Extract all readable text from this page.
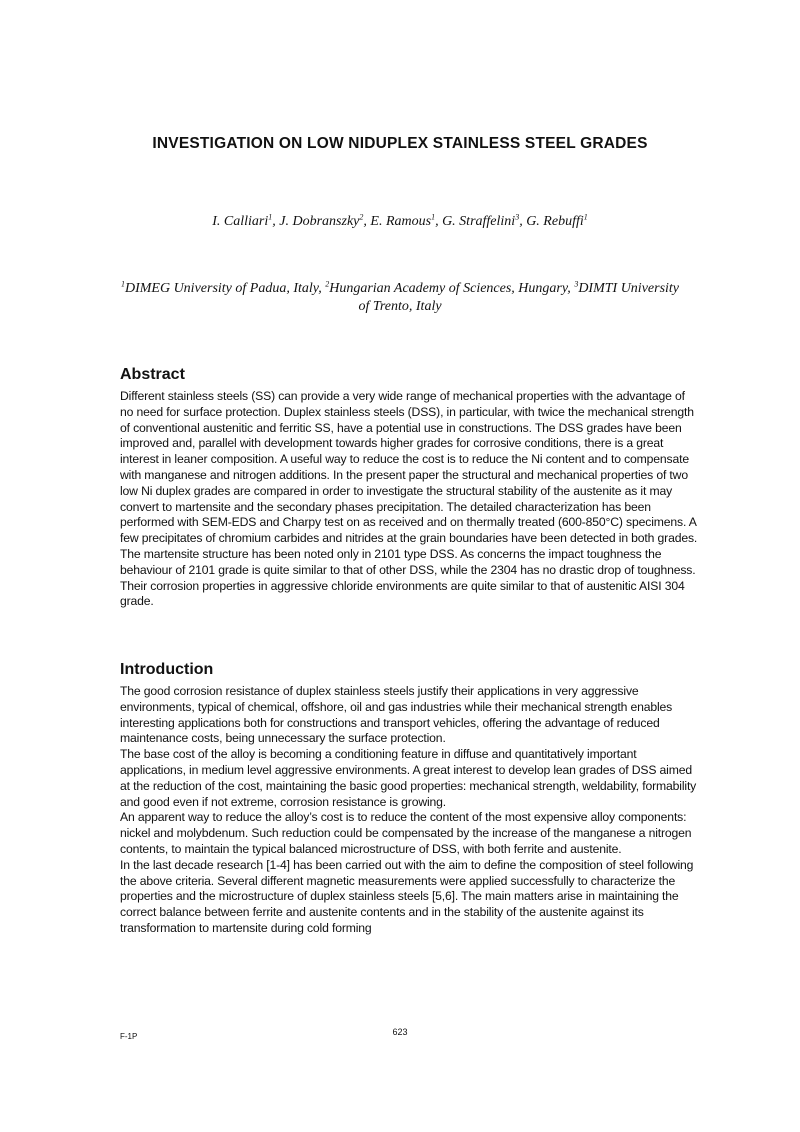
INVESTIGATION ON LOW NIDUPLEX STAINLESS STEEL GRADES
I. Calliari$^1$, J. Dobranszky$^2$, E. Ramous$^1$, G. Straffelini$^3$, G. Rebuffi$^1$
$^1$DIMEG University of Padua, Italy, $^2$Hungarian Academy of Sciences, Hungary, $^3$DIMTI University of Trento, Italy
Abstract

Different stainless steels (SS) can provide a very wide range of mechanical properties with the advantage of no need for surface protection. Duplex stainless steels (DSS), in particular, with twice the mechanical strength of conventional austenitic and ferritic SS, have a potential use in constructions. The DSS grades have been improved and, parallel with development towards higher grades for corrosive conditions, there is a great interest in leaner composition. A useful way to reduce the cost is to reduce the Ni content and to compensate with manganese and nitrogen additions. In the present paper the structural and mechanical properties of two low Ni duplex grades are compared in order to investigate the structural stability of the austenite as it may convert to martensite and the secondary phases precipitation. The detailed characterization has been performed with SEM-EDS and Charpy test on as received and on thermally treated (600-850°C) specimens. A few precipitates of chromium carbides and nitrides at the grain boundaries have been detected in both grades. The martensite structure has been noted only in 2101 type DSS. As concerns the impact toughness the behaviour of 2101 grade is quite similar to that of other DSS, while the 2304 has no drastic drop of toughness. Their corrosion properties in aggressive chloride environments are quite similar to that of austenitic AISI 304 grade.

Introduction

The good corrosion resistance of duplex stainless steels justify their applications in very aggressive environments, typical of chemical, offshore, oil and gas industries while their mechanical strength enables interesting applications both for constructions and transport vehicles, offering the advantage of reduced maintenance costs, being unnecessary the surface protection.

The base cost of the alloy is becoming a conditioning feature in diffuse and quantitatively important applications, in medium level aggressive environments. A great interest to develop lean grades of DSS aimed at the reduction of the cost, maintaining the basic good properties: mechanical strength, weldability, formability and good even if not extreme, corrosion resistance is growing.

An apparent way to reduce the alloy’s cost is to reduce the content of the most expensive alloy components: nickel and molybdenum. Such reduction could be compensated by the increase of the manganese a nitrogen contents, to maintain the typical balanced microstructure of DSS, with both ferrite and austenite.

In the last decade research [1-4] has been carried out with the aim to define the composition of steel following the above criteria. Several different magnetic measurements were applied successfully to characterize the properties and the microstructure of duplex stainless steels [5,6]. The main matters arise in maintaining the correct balance between ferrite and austenite contents and in the stability of the austenite against its transformation to martensite during cold forming

F-1P	623
